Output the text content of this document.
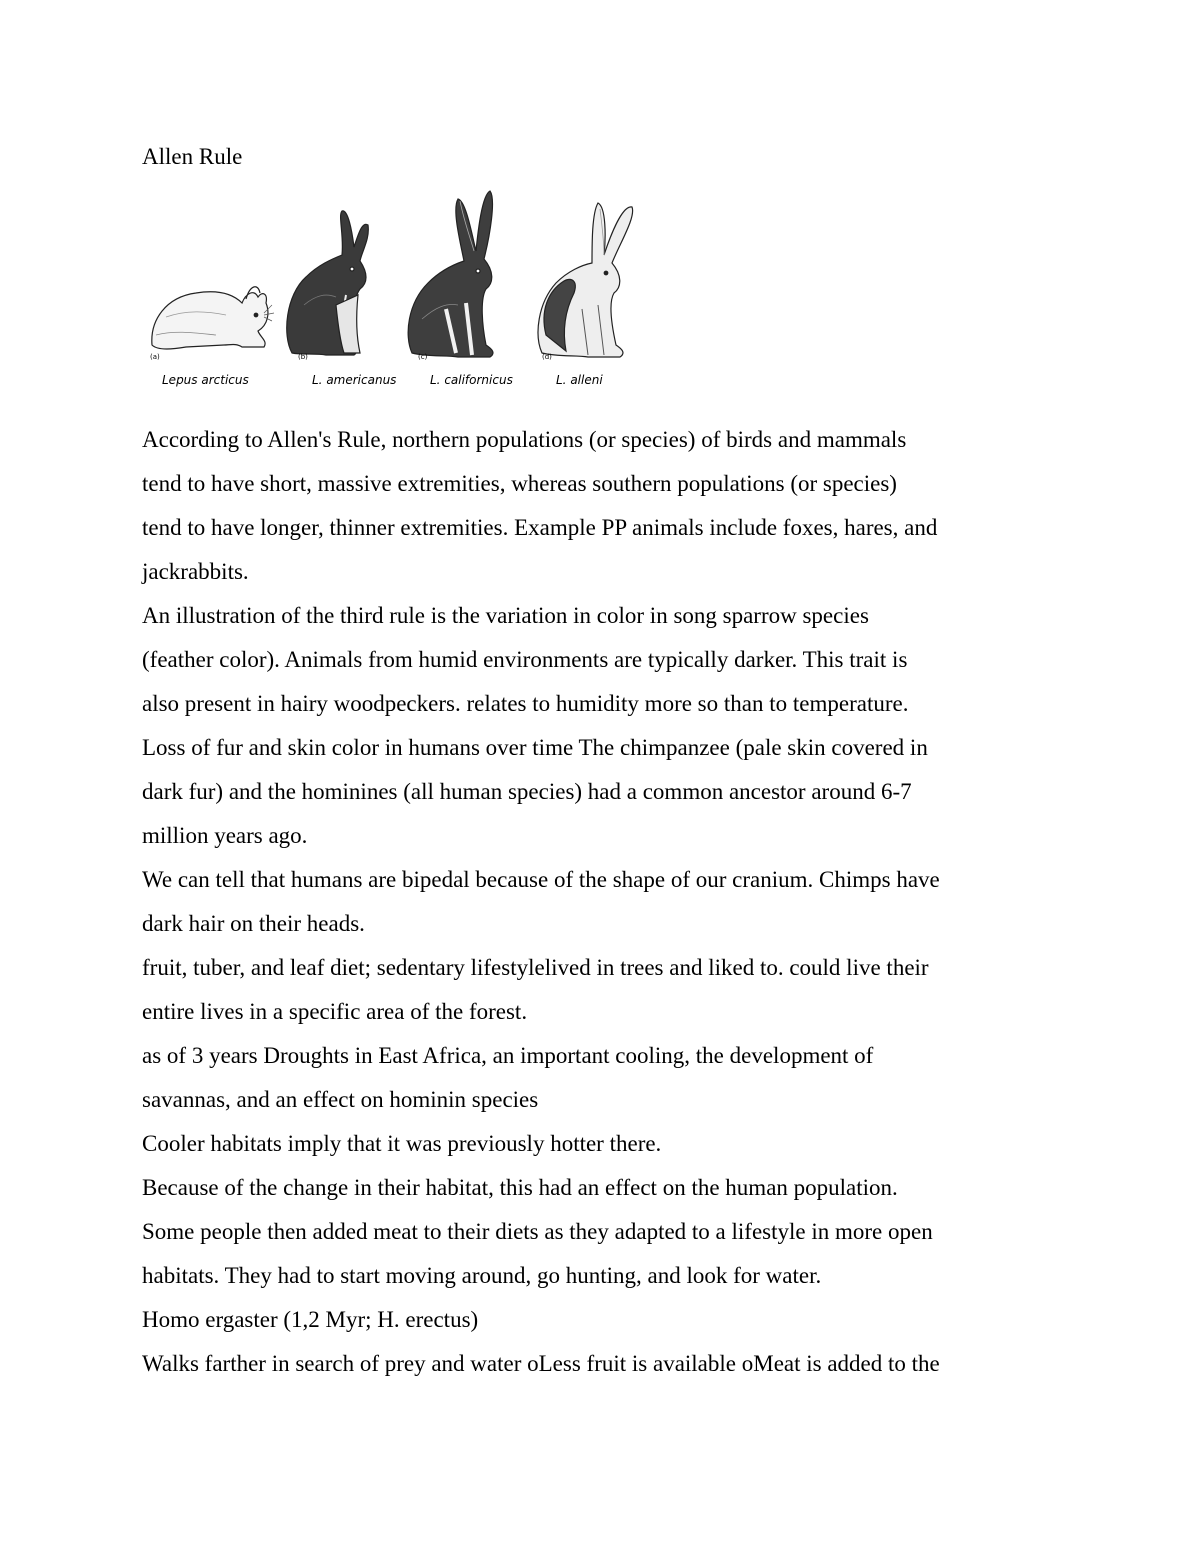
Allen Rule
(a)	(b)	(c)	(d)
Lepus arcticus	L. americanus	L. californicus	L. alleni
According to Allen's Rule, northern populations (or species) of birds and mammals
tend to have short, massive extremities, whereas southern populations (or species)
tend to have longer, thinner extremities. Example PP animals include foxes, hares, and
jackrabbits.
An illustration of the third rule is the variation in color in song sparrow species
(feather color). Animals from humid environments are typically darker. This trait is
also present in hairy woodpeckers. relates to humidity more so than to temperature.
Loss of fur and skin color in humans over time The chimpanzee (pale skin covered in
dark fur) and the hominines (all human species) had a common ancestor around 6-7
million years ago.
We can tell that humans are bipedal because of the shape of our cranium. Chimps have
dark hair on their heads.
fruit, tuber, and leaf diet; sedentary lifestylelived in trees and liked to. could live their
entire lives in a specific area of the forest.
as of 3 years Droughts in East Africa, an important cooling, the development of
savannas, and an effect on hominin species
Cooler habitats imply that it was previously hotter there.
Because of the change in their habitat, this had an effect on the human population.
Some people then added meat to their diets as they adapted to a lifestyle in more open
habitats. They had to start moving around, go hunting, and look for water.
Homo ergaster (1,2 Myr; H. erectus)
Walks farther in search of prey and water oLess fruit is available oMeat is added to the
